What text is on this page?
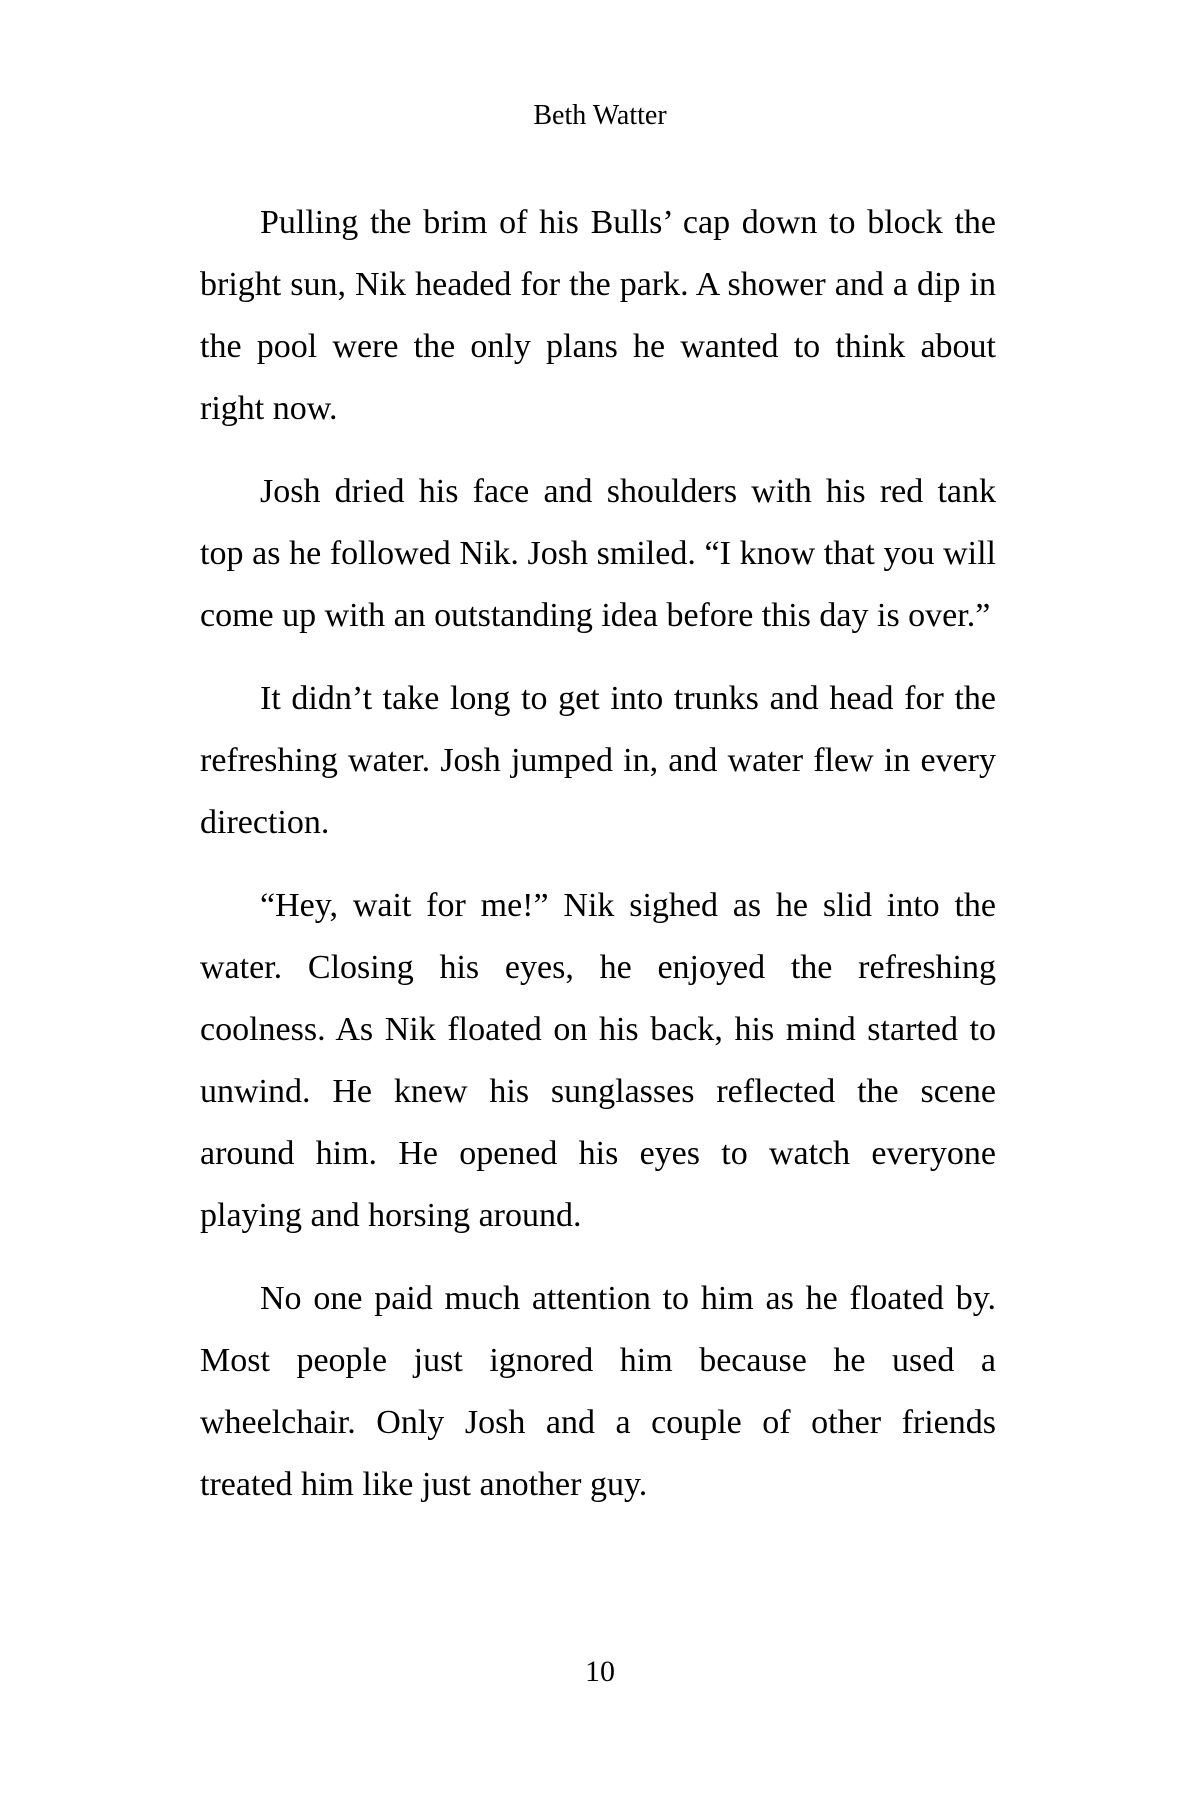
Beth Watter

Pulling the brim of his Bulls’ cap down to block the bright sun, Nik headed for the park. A shower and a dip in the pool were the only plans he wanted to think about right now.

Josh dried his face and shoulders with his red tank top as he followed Nik. Josh smiled. “I know that you will come up with an outstanding idea before this day is over.”

It didn’t take long to get into trunks and head for the refreshing water. Josh jumped in, and water flew in every direction.

“Hey, wait for me!” Nik sighed as he slid into the water. Closing his eyes, he enjoyed the refreshing coolness. As Nik floated on his back, his mind started to unwind. He knew his sunglasses reflected the scene around him. He opened his eyes to watch everyone playing and horsing around.

No one paid much attention to him as he floated by. Most people just ignored him because he used a wheelchair. Only Josh and a couple of other friends treated him like just another guy.

10
